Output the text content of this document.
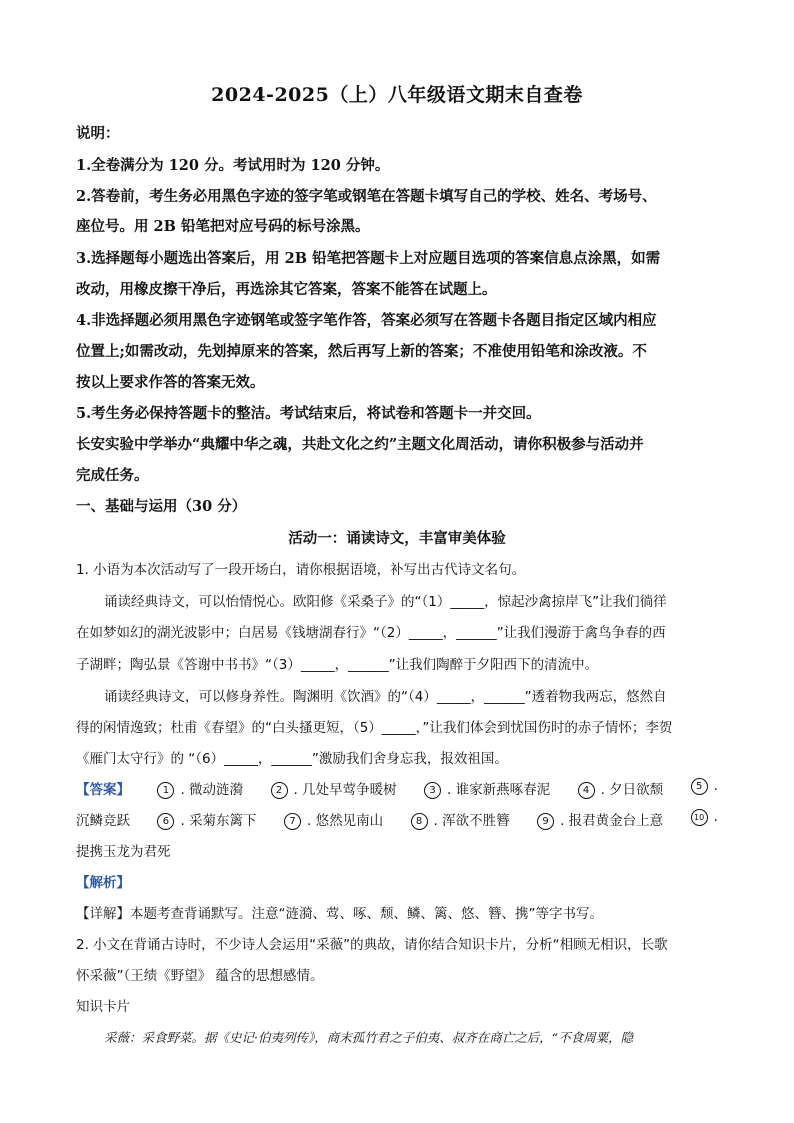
2024-2025（上）八年级语文期末自查卷
说明：
1.全卷满分为 120 分。考试用时为 120 分钟。
2.答卷前，考生务必用黑色字迹的签字笔或钢笔在答题卡填写自己的学校、姓名、考场号、
座位号。用 2B 铅笔把对应号码的标号涂黑。
3.选择题每小题选出答案后，用 2B 铅笔把答题卡上对应题目选项的答案信息点涂黑，如需
改动，用橡皮擦干净后，再选涂其它答案，答案不能答在试题上。
4.非选择题必须用黑色字迹钢笔或签字笔作答，答案必须写在答题卡各题目指定区域内相应
位置上;如需改动，先划掉原来的答案，然后再写上新的答案；不准使用铅笔和涂改液。不
按以上要求作答的答案无效。
5.考生务必保持答题卡的整洁。考试结束后，将试卷和答题卡一并交回。
长安实验中学举办“典耀中华之魂，共赴文化之约”主题文化周活动，请你积极参与活动并
完成任务。
一、基础与运用（30 分）
活动一：诵读诗文，丰富审美体验
1. 小语为本次活动写了一段开场白，请你根据语境，补写出古代诗文名句。
诵读经典诗文，可以怡情悦心。欧阳修《采桑子》的“（1）_____，惊起沙禽掠岸飞”让我们徜徉
在如梦如幻的湖光波影中；白居易《钱塘湖春行》“（2）_____，______”让我们漫游于禽鸟争春的西
子湖畔；陶弘景《答谢中书书》“（3）_____，______”让我们陶醉于夕阳西下的清流中。
诵读经典诗文，可以修身养性。陶渊明《饮酒》的“（4）_____，______”透着物我两忘，悠然自
得的闲情逸致；杜甫《春望》的“白头搔更短，（5）_____，”让我们体会到忧国伤时的赤子情怀；李贺
《雁门太守行》的 “（6）_____，______”激励我们舍身忘我，报效祖国。
【答案】	1 . 微动涟漪	2 . 几处早莺争暖树	3 . 谁家新燕啄春泥	4 . 夕日欲颓	5 .
沉鳞竞跃	6 . 采菊东篱下	7 . 悠然见南山	8 . 浑欲不胜簪	9 . 报君黄金台上意	10 .
提携玉龙为君死
【解析】
【详解】本题考查背诵默写。注意“涟漪、莺、啄、颓、鳞、篱、悠、簪、携”等字书写。
2. 小文在背诵古诗时，不少诗人会运用“采薇”的典故，请你结合知识卡片，分析“相顾无相识，长歌
怀采薇”（王绩《野望》 蕴含的思想感情。
知识卡片
采薇：采食野菜。据《史记·伯夷列传》，商末孤竹君之子伯夷、叔齐在商亡之后，“不食周粟，隐
